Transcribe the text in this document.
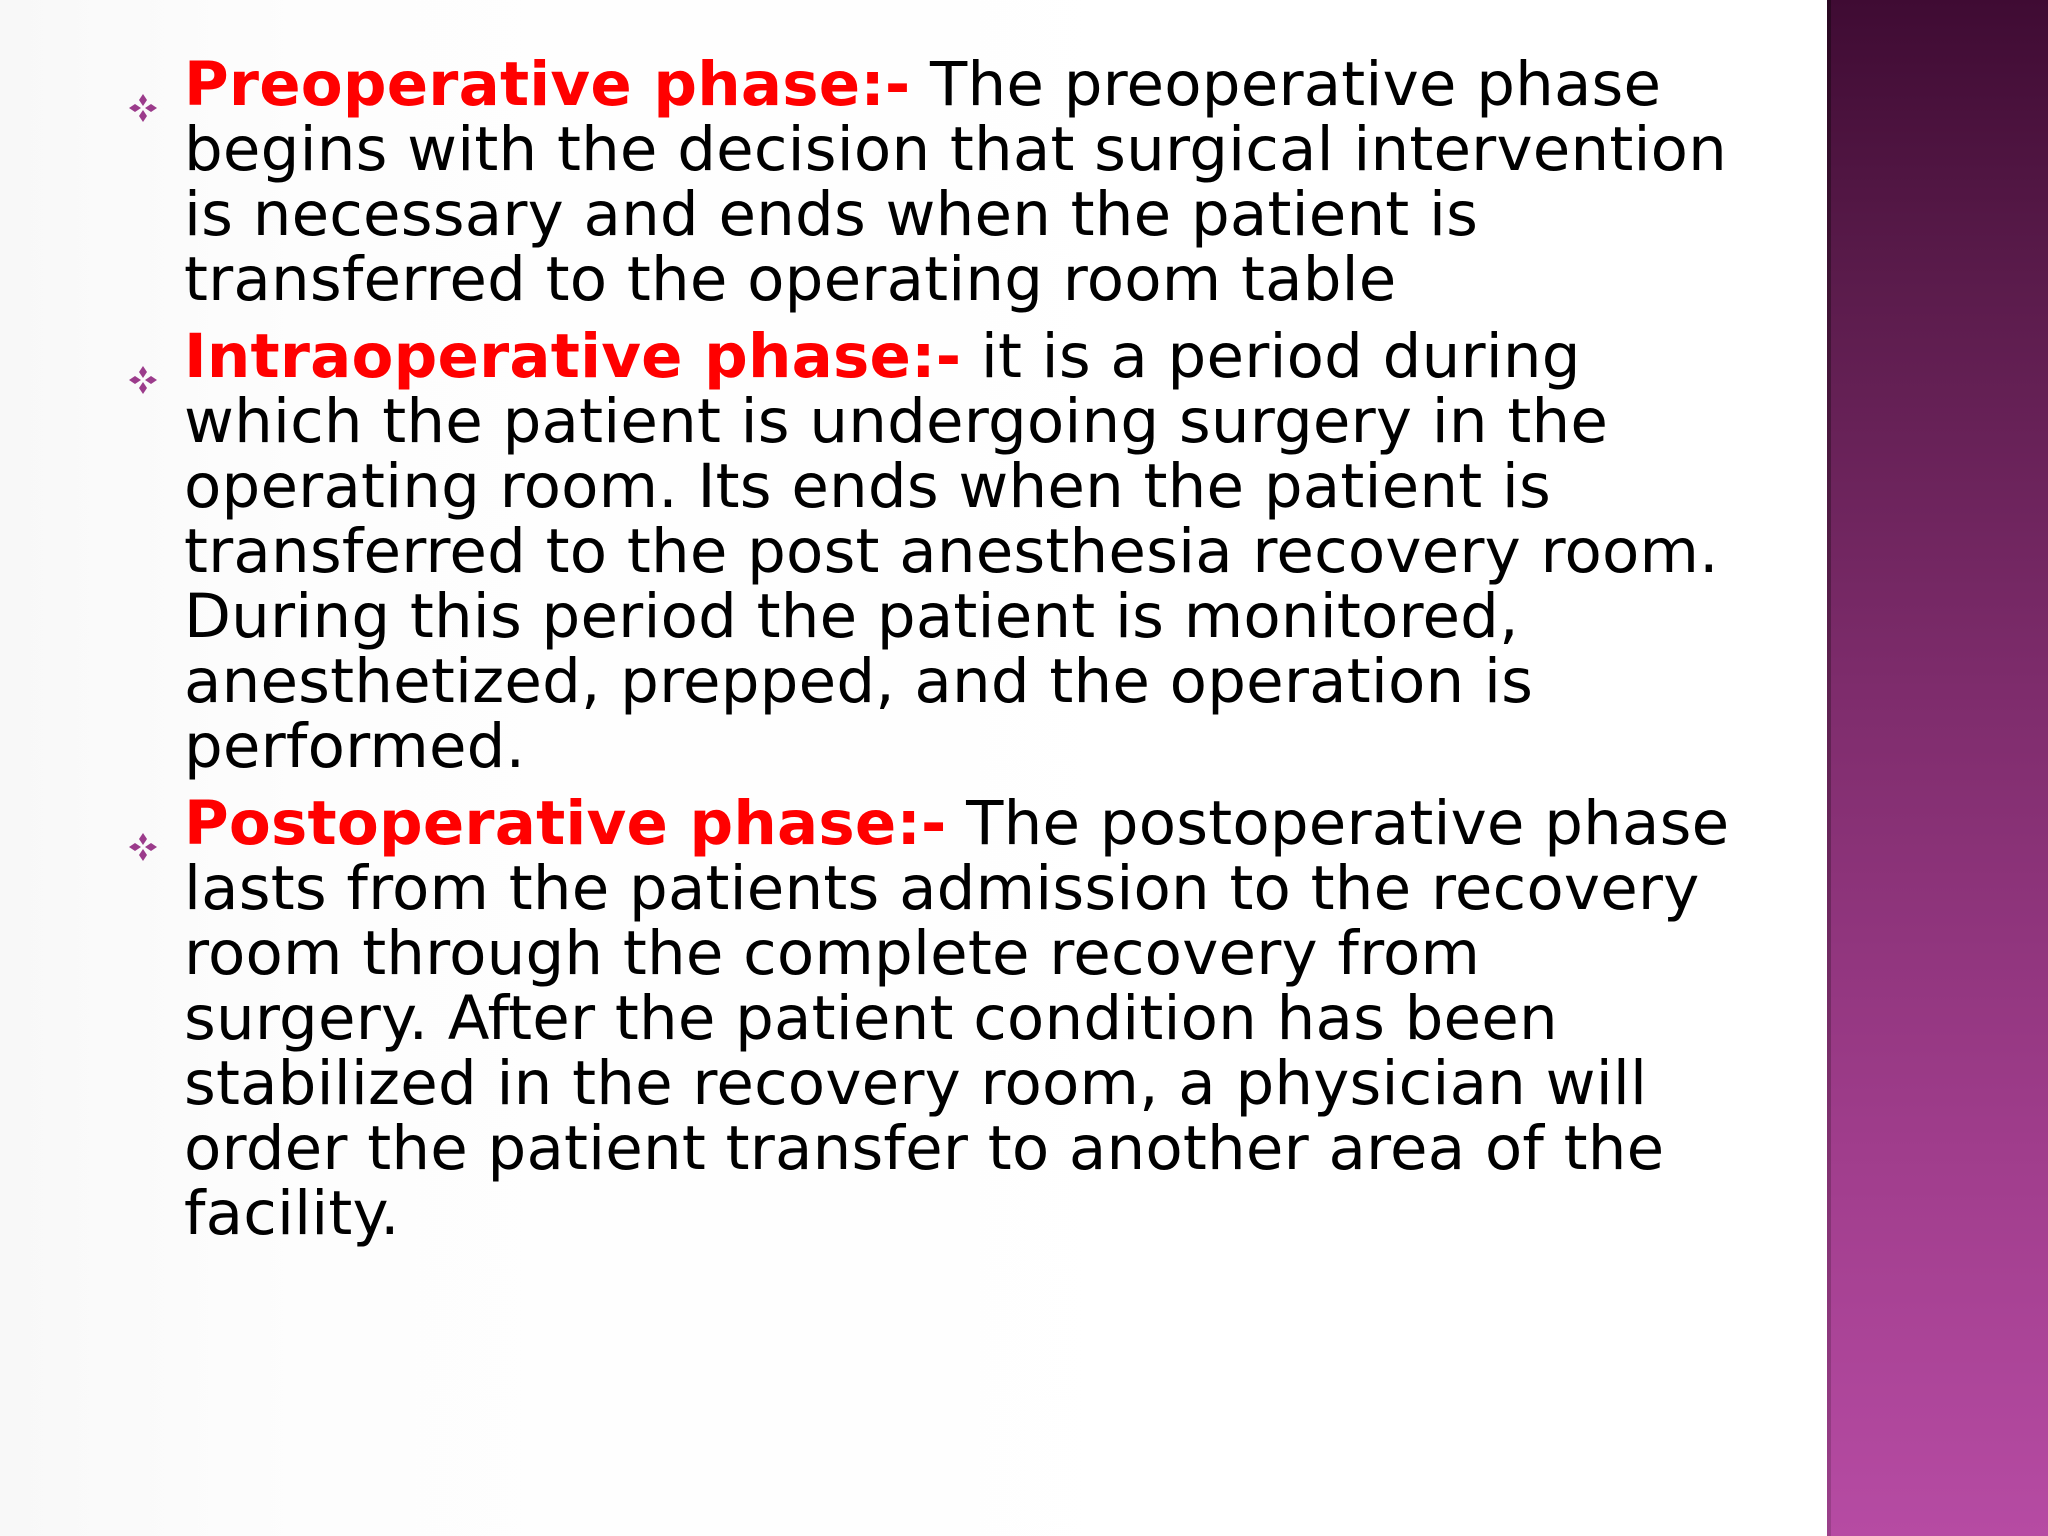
Preoperative phase:- The preoperative phase begins with the decision that surgical intervention is necessary and ends when the patient is transferred to the operating room table
Intraoperative phase:- it is a period during which the patient is undergoing surgery in the operating room. Its ends when the patient is transferred to the post anesthesia recovery room. During this period the patient is monitored, anesthetized, prepped, and the operation is performed.
Postoperative phase:- The postoperative phase lasts from the patients admission to the recovery room through the complete recovery from surgery. After the patient condition has been stabilized in the recovery room, a physician will order the patient transfer to another area of the facility.
